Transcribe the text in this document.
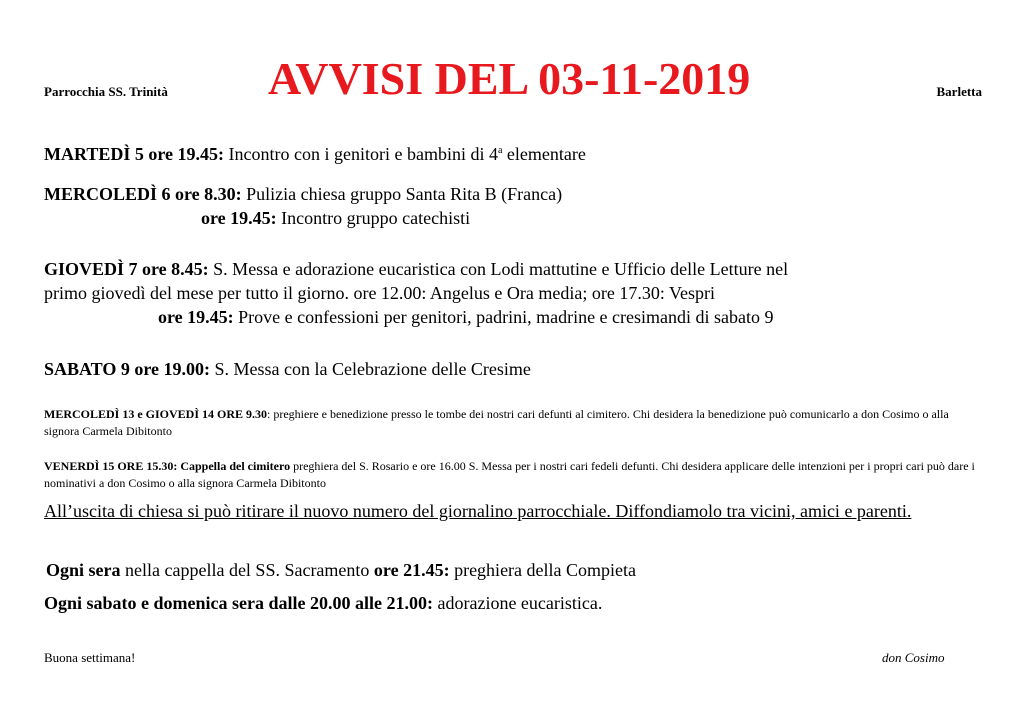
Parrocchia SS. Trinità AVVISI DEL 03-11-2019	Barletta
MARTEDÌ 5 ore 19.45: Incontro con i genitori e bambini di 4$^a$ elementare
MERCOLEDÌ 6 ore 8.30: Pulizia chiesa gruppo Santa Rita B (Franca)
ore 19.45: Incontro gruppo catechisti
GIOVEDÌ 7 ore 8.45: S. Messa e adorazione eucaristica con Lodi mattutine e Ufficio delle Letture nel
primo giovedì del mese per tutto il giorno. ore 12.00: Angelus e Ora media; ore 17.30: Vespri
ore 19.45: Prove e confessioni per genitori, padrini, madrine e cresimandi di sabato 9
SABATO 9 ore 19.00: S. Messa con la Celebrazione delle Cresime
MERCOLEDÌ 13 e GIOVEDÌ 14 ORE 9.30: preghiere e benedizione presso le tombe dei nostri cari defunti al cimitero. Chi desidera la benedizione può comunicarlo a don Cosimo o alla signora Carmela Dibitonto
VENERDÌ 15 ORE 15.30: Cappella del cimitero preghiera del S. Rosario e ore 16.00 S. Messa per i nostri cari fedeli defunti. Chi desidera applicare delle intenzioni per i propri cari può dare i nominativi a don Cosimo o alla signora Carmela Dibitonto
All’uscita di chiesa si può ritirare il nuovo numero del giornalino parrocchiale. Diffondiamolo tra vicini, amici e parenti.
Ogni sera nella cappella del SS. Sacramento ore 21.45: preghiera della Compieta
Ogni sabato e domenica sera dalle 20.00 alle 21.00: adorazione eucaristica.
Buona settimana!	don Cosimo
